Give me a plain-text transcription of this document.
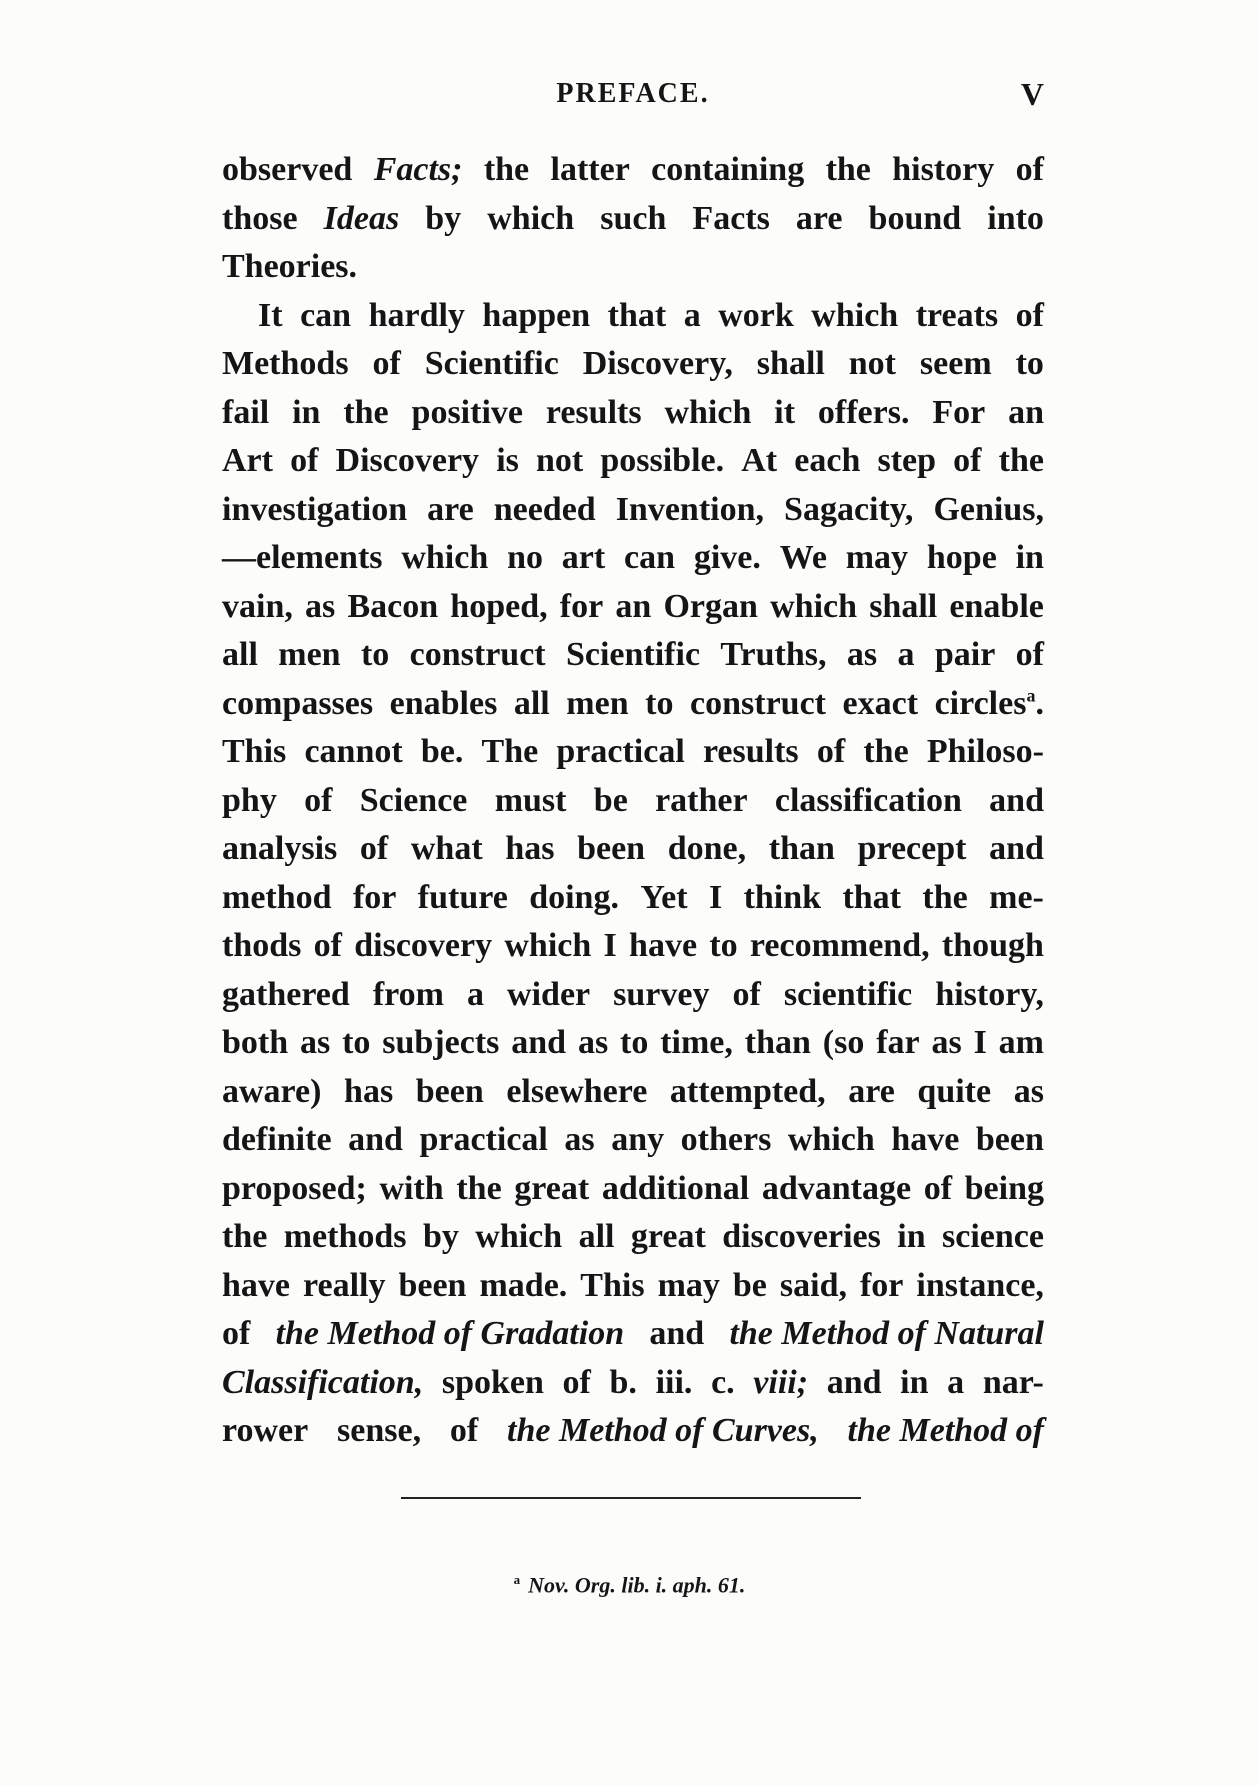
PREFACE.	V
observed Facts; the latter containing the history of
those Ideas by which such Facts are bound into
Theories.
It can hardly happen that a work which treats of
Methods of Scientific Discovery, shall not seem to
fail in the positive results which it offers. For an
Art of Discovery is not possible. At each step of the
investigation are needed Invention, Sagacity, Genius,
—elements which no art can give. We may hope in
vain, as Bacon hoped, for an Organ which shall enable
all men to construct Scientific Truths, as a pair of
compasses enables all men to construct exact circles$^a$.
This cannot be. The practical results of the Philoso-
phy of Science must be rather classification and
analysis of what has been done, than precept and
method for future doing. Yet I think that the me-
thods of discovery which I have to recommend, though
gathered from a wider survey of scientific history,
both as to subjects and as to time, than (so far as I am
aware) has been elsewhere attempted, are quite as
definite and practical as any others which have been
proposed; with the great additional advantage of being
the methods by which all great discoveries in science
have really been made. This may be said, for instance,
of the Method of Gradation and the Method of Natural
Classification, spoken of b. iii. c. viii; and in a nar-
rower sense, of the Method of Curves, the Method of
$^a$ Nov. Org. lib. i. aph. 61.
